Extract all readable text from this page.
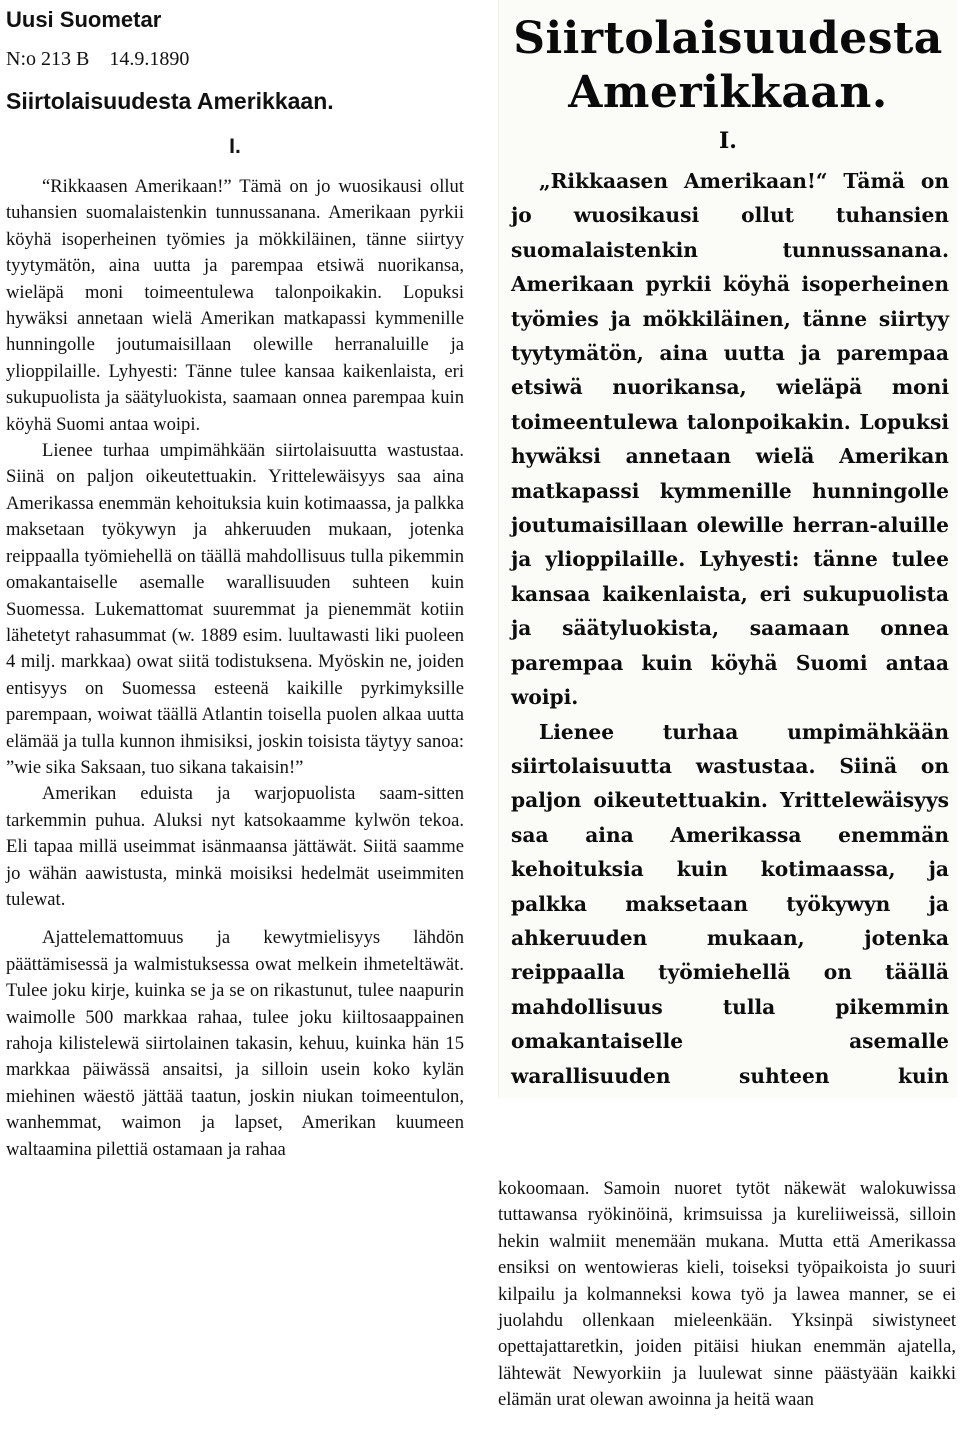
Uusi Suometar
N:o 213 B    14.9.1890
Siirtolaisuudesta Amerikkaan.
I.

“Rikkaasen Amerikaan!” Tämä on jo wuosikausi ollut tuhansien suomalaistenkin tunnussanana. Amerikaan pyrkii köyhä isoperheinen työmies ja mökkiläinen, tänne siirtyy tyytymätön, aina uutta ja parempaa etsiwä nuorikansa, wieläpä moni toimeentulewa talonpoikakin. Lopuksi hywäksi annetaan wielä Amerikan matkapassi kymmenille hunningolle joutumaisillaan olewille herranaluille ja ylioppilaille. Lyhyesti: Tänne tulee kansaa kaikenlaista, eri sukupuolista ja säätyluokista, saamaan onnea parempaa kuin köyhä Suomi antaa woipi.

Lienee turhaa umpimähkään siirtolaisuutta wastustaa. Siinä on paljon oikeutettuakin. Yrittelewäisyys saa aina Amerikassa enemmän kehoituksia kuin kotimaassa, ja palkka maksetaan työkywyn ja ahkeruuden mukaan, jotenka reippaalla työmiehellä on täällä mahdollisuus tulla pikemmin omakantaiselle asemalle warallisuuden suhteen kuin Suomessa. Lukemattomat suuremmat ja pienemmät kotiin lähetetyt rahasummat (w. 1889 esim. luultawasti liki puoleen 4 milj. markkaa) owat siitä todistuksena. Myöskin ne, joiden entisyys on Suomessa esteenä kaikille pyrkimyksille parempaan, woiwat täällä Atlantin toisella puolen alkaa uutta elämää ja tulla kunnon ihmisiksi, joskin toisista täytyy sanoa: ”wie sika Saksaan, tuo sikana takaisin!”

Amerikan eduista ja warjopuolista saam-sitten tarkemmin puhua. Aluksi nyt katsokaamme kylwön tekoa. Eli tapaa millä useimmat isänmaansa jättäwät. Siitä saamme jo wähän aawistusta, minkä moisiksi hedelmät useimmiten tulewat.

Ajattelemattomuus ja kewytmielisyys lähdön päättämisessä ja walmistuksessa owat melkein ihmeteltäwät. Tulee joku kirje, kuinka se ja se on rikastunut, tulee naapurin waimolle 500 markkaa rahaa, tulee joku kiiltosaappainen rahoja kilistelewä siirtolainen takasin, kehuu, kuinka hän 15 markkaa päiwässä ansaitsi, ja silloin usein koko kylän miehinen wäestö jättää taatun, joskin niukan toimeentulon, wanhemmat, waimon ja lapset, Amerikan kuumeen waltaamina pilettiä ostamaan ja rahaa

Siirtolaisuudesta Amerikkaan.
I.

„Rikkaasen Amerikaan!“ Tämä on jo wuosikausi ollut tuhansien suomalaistenkin tunnussanana. Amerikaan pyrkii köyhä isoperheinen työmies ja mökkiläinen, tänne siirtyy tyytymätön, aina uutta ja parempaa etsiwä nuorikansa, wieläpä moni toimeentulewa talonpoikakin. Lopuksi hywäksi annetaan wielä Amerikan matkapassi kymmenille hunningolle joutumaisillaan olewille herran-aluille ja ylioppilaille. Lyhyesti: tänne tulee kansaa kaikenlaista, eri sukupuolista ja säätyluokista, saamaan onnea parempaa kuin köyhä Suomi antaa woipi.

Lienee turhaa umpimähkään siirtolaisuutta wastustaa. Siinä on paljon oikeutettuakin. Yrittelewäisyys saa aina Amerikassa enemmän kehoituksia kuin kotimaassa, ja palkka maksetaan työkywyn ja ahkeruuden mukaan, jotenka reippaalla työmiehellä on täällä mahdollisuus tulla pikemmin omakantaiselle asemalle warallisuuden suhteen kuin

kokoomaan. Samoin nuoret tytöt näkewät walokuwissa tuttawansa ryökinöinä, krimsuissa ja kureliiweissä, silloin hekin walmiit menemään mukana. Mutta että Amerikassa ensiksi on wentowieras kieli, toiseksi työpaikoista jo suuri kilpailu ja kolmanneksi kowa työ ja lawea manner, se ei juolahdu ollenkaan mieleenkään. Yksinpä siwistyneet opettajattaretkin, joiden pitäisi hiukan enemmän ajatella, lähtewät Newyorkiin ja luulewat sinne päästyään kaikki elämän urat olewan awoinna ja heitä waan
